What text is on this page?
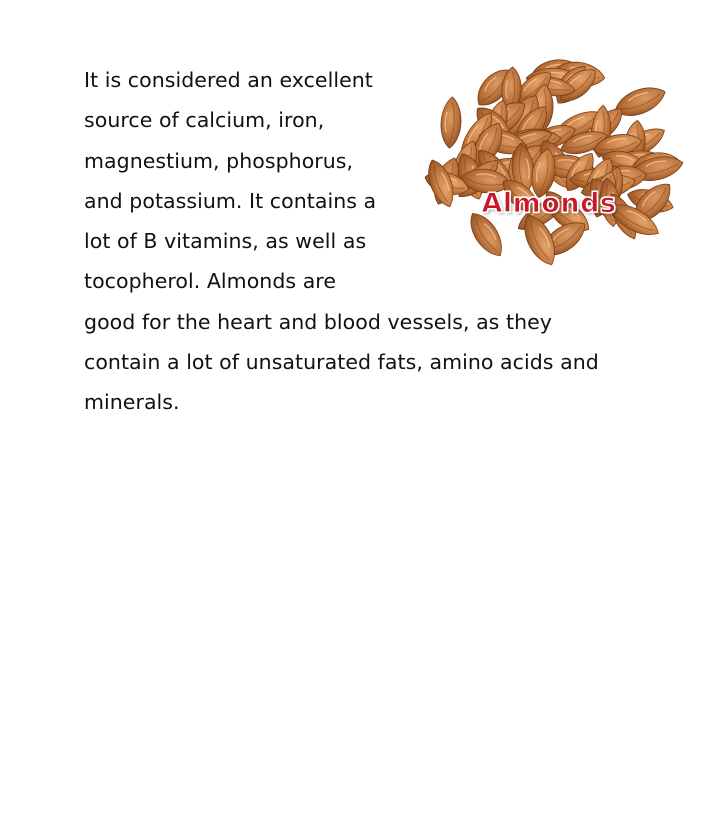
Almonds
It is considered an excellent
source of calcium, iron,
magnestium, phosphorus,
and potassium. It contains a
lot of B vitamins, as well as
tocopherol. Almonds are
good for the heart and blood vessels, as they
contain a lot of unsaturated fats, amino acids and
minerals.
